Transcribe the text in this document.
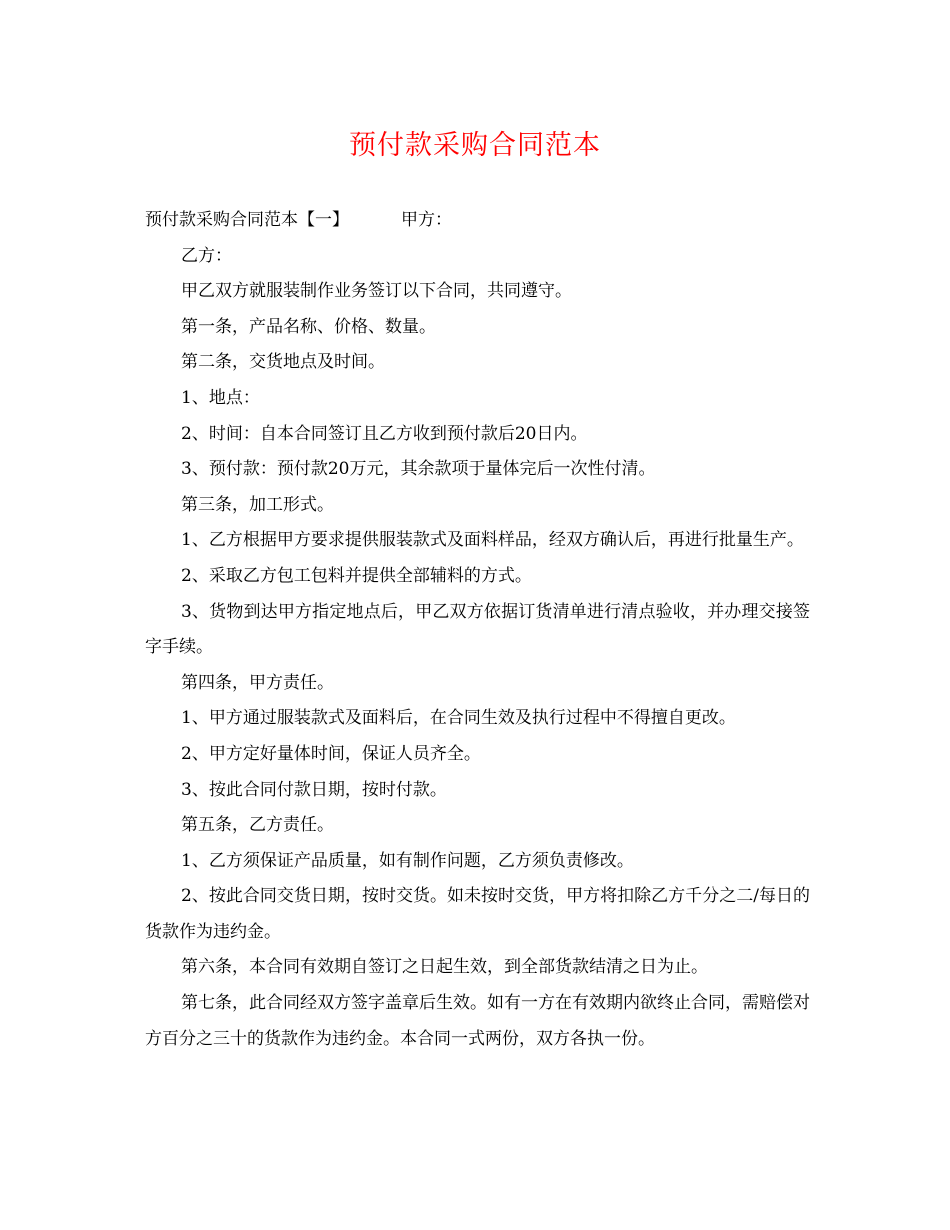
预付款采购合同范本

预付款采购合同范本【一】	甲方：

乙方：

甲乙双方就服装制作业务签订以下合同，共同遵守。

第一条，产品名称、价格、数量。

第二条，交货地点及时间。

1、地点：

2、时间：自本合同签订且乙方收到预付款后20日内。

3、预付款：预付款20万元，其余款项于量体完后一次性付清。

第三条，加工形式。

1、乙方根据甲方要求提供服装款式及面料样品，经双方确认后，再进行批量生产。

2、采取乙方包工包料并提供全部辅料的方式。

3、货物到达甲方指定地点后，甲乙双方依据订货清单进行清点验收，并办理交接签字手续。

第四条，甲方责任。

1、甲方通过服装款式及面料后，在合同生效及执行过程中不得擅自更改。

2、甲方定好量体时间，保证人员齐全。

3、按此合同付款日期，按时付款。

第五条，乙方责任。

1、乙方须保证产品质量，如有制作问题，乙方须负责修改。

2、按此合同交货日期，按时交货。如未按时交货，甲方将扣除乙方千分之二/每日的货款作为违约金。

第六条，本合同有效期自签订之日起生效，到全部货款结清之日为止。

第七条，此合同经双方签字盖章后生效。如有一方在有效期内欲终止合同，需赔偿对方百分之三十的货款作为违约金。本合同一式两份，双方各执一份。
